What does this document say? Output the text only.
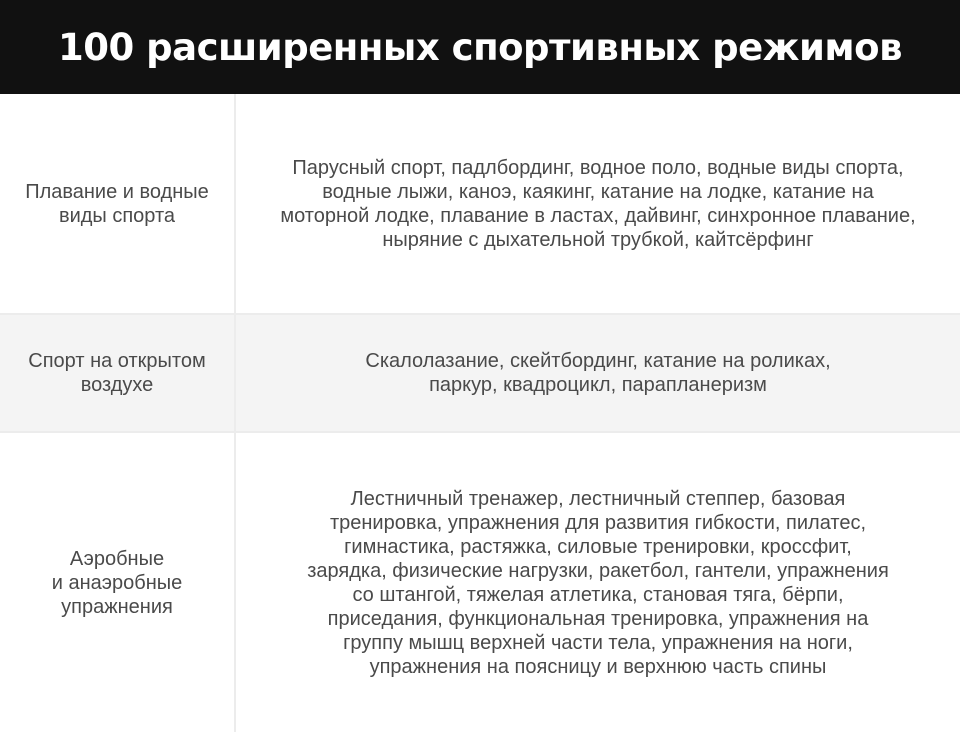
100 расширенных спортивных режимов
Плавание и водные
виды спорта
Парусный спорт, падлбординг, водное поло, водные виды спорта,
водные лыжи, каноэ, каякинг, катание на лодке, катание на
моторной лодке, плавание в ластах, дайвинг, синхронное плавание,
ныряние с дыхательной трубкой, кайтсёрфинг
Спорт на открытом
воздухе
Скалолазание, скейтбординг, катание на роликах,
паркур, квадроцикл, парапланеризм
Аэробные
и анаэробные
упражнения
Лестничный тренажер, лестничный степпер, базовая
тренировка, упражнения для развития гибкости, пилатес,
гимнастика, растяжка, силовые тренировки, кроссфит,
зарядка, физические нагрузки, ракетбол, гантели, упражнения
со штангой, тяжелая атлетика, становая тяга, бёрпи,
приседания, функциональная тренировка, упражнения на
группу мышц верхней части тела, упражнения на ноги,
упражнения на поясницу и верхнюю часть спины
